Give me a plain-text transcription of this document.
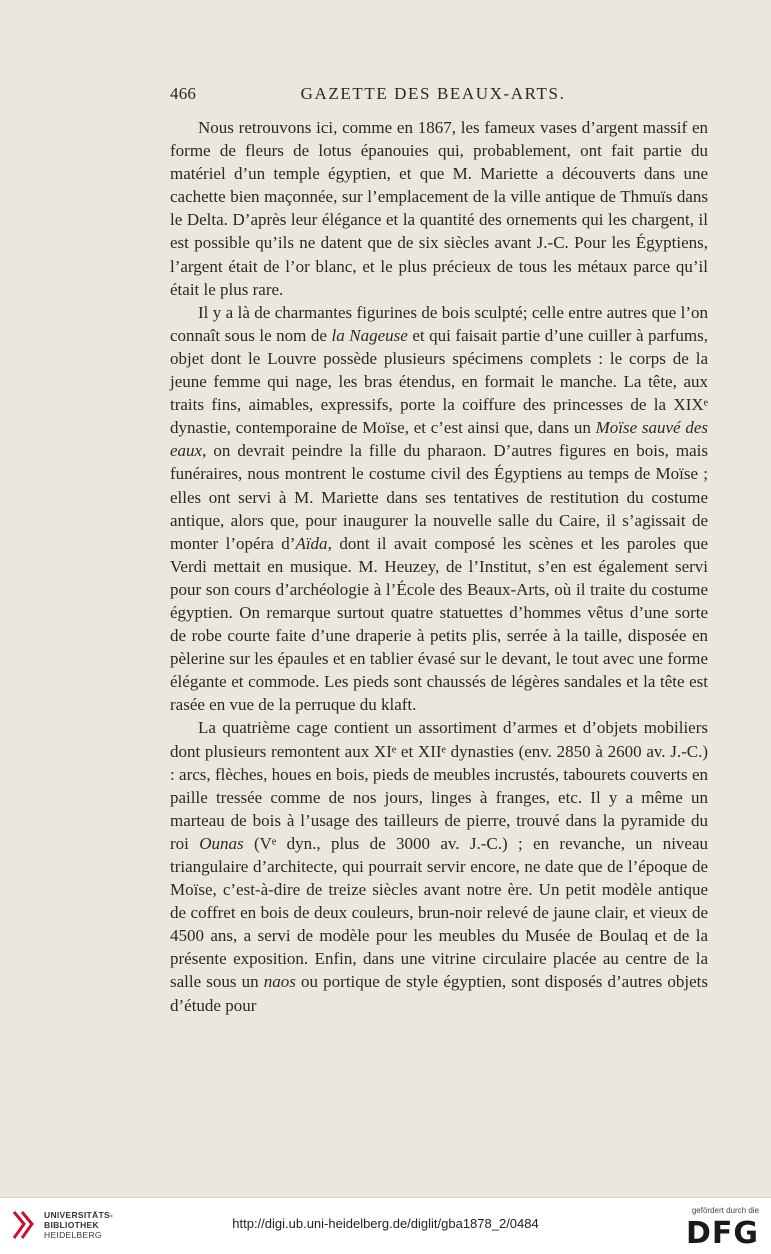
466	GAZETTE DES BEAUX-ARTS.

Nous retrouvons ici, comme en 1867, les fameux vases d’argent massif en forme de fleurs de lotus épanouies qui, probablement, ont fait partie du matériel d’un temple égyptien, et que M. Mariette a découverts dans une cachette bien maçonnée, sur l’emplacement de la ville antique de Thmuïs dans le Delta. D’après leur élégance et la quantité des ornements qui les chargent, il est possible qu’ils ne datent que de six siècles avant J.-C. Pour les Égyptiens, l’argent était de l’or blanc, et le plus précieux de tous les métaux parce qu’il était le plus rare.

Il y a là de charmantes figurines de bois sculpté; celle entre autres que l’on connaît sous le nom de la Nageuse et qui faisait partie d’une cuiller à parfums, objet dont le Louvre possède plusieurs spécimens complets : le corps de la jeune femme qui nage, les bras étendus, en formait le manche. La tête, aux traits fins, aimables, expressifs, porte la coiffure des princesses de la XIXᵉ dynastie, contemporaine de Moïse, et c’est ainsi que, dans un Moïse sauvé des eaux, on devrait peindre la fille du pharaon. D’autres figures en bois, mais funéraires, nous montrent le costume civil des Égyptiens au temps de Moïse ; elles ont servi à M. Mariette dans ses tentatives de restitution du costume antique, alors que, pour inaugurer la nouvelle salle du Caire, il s’agissait de monter l’opéra d’Aïda, dont il avait composé les scènes et les paroles que Verdi mettait en musique. M. Heuzey, de l’Institut, s’en est également servi pour son cours d’archéologie à l’École des Beaux-Arts, où il traite du costume égyptien. On remarque surtout quatre statuettes d’hommes vêtus d’une sorte de robe courte faite d’une draperie à petits plis, serrée à la taille, disposée en pèlerine sur les épaules et en tablier évasé sur le devant, le tout avec une forme élégante et commode. Les pieds sont chaussés de légères sandales et la tête est rasée en vue de la perruque du klaft.

La quatrième cage contient un assortiment d’armes et d’objets mobiliers dont plusieurs remontent aux XIᵉ et XIIᵉ dynasties (env. 2850 à 2600 av. J.-C.) : arcs, flèches, houes en bois, pieds de meubles incrustés, tabourets couverts en paille tressée comme de nos jours, linges à franges, etc. Il y a même un marteau de bois à l’usage des tailleurs de pierre, trouvé dans la pyramide du roi Ounas (Vᵉ dyn., plus de 3000 av. J.-C.) ; en revanche, un niveau triangulaire d’architecte, qui pourrait servir encore, ne date que de l’époque de Moïse, c’est-à-dire de treize siècles avant notre ère. Un petit modèle antique de coffret en bois de deux couleurs, brun-noir relevé de jaune clair, et vieux de 4500 ans, a servi de modèle pour les meubles du Musée de Boulaq et de la présente exposition. Enfin, dans une vitrine circulaire placée au centre de la salle sous un naos ou portique de style égyptien, sont disposés d’autres objets d’étude pour

UNIVERSITÄTS-
BIBLIOTHEK
HEIDELBERG
http://digi.ub.uni-heidelberg.de/diglit/gba1878_2/0484
gefördert durch die
DFG
